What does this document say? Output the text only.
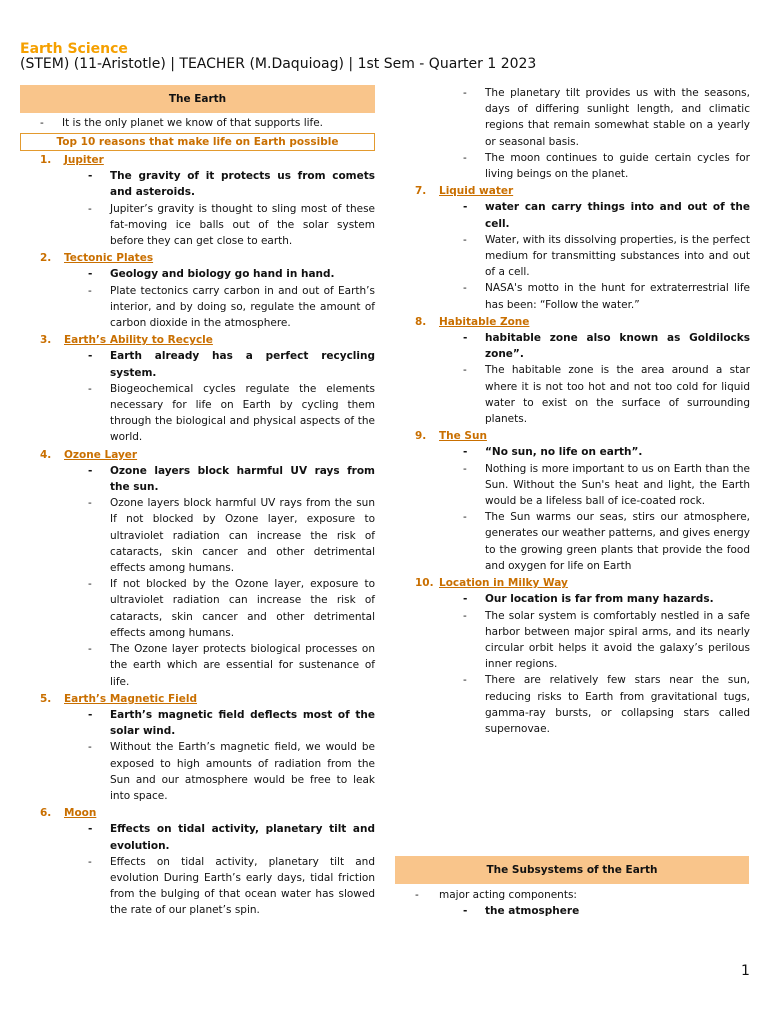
Earth Science
(STEM) (11-Aristotle) | TEACHER (M.Daquioag) | 1st Sem - Quarter 1 2023
The Earth
- It is the only planet we know of that supports life.
Top 10 reasons that make life on Earth possible
1. Jupiter
- The gravity of it protects us from comets and asteroids.
- Jupiter’s gravity is thought to sling most of these fat-moving ice balls out of the solar system before they can get close to earth.
2. Tectonic Plates
- Geology and biology go hand in hand.
- Plate tectonics carry carbon in and out of Earth’s interior, and by doing so, regulate the amount of carbon dioxide in the atmosphere.
3. Earth’s Ability to Recycle
- Earth already has a perfect recycling system.
- Biogeochemical cycles regulate the elements necessary for life on Earth by cycling them through the biological and physical aspects of the world.
4. Ozone Layer
- Ozone layers block harmful UV rays from the sun.
- Ozone layers block harmful UV rays from the sun If not blocked by Ozone layer, exposure to ultraviolet radiation can increase the risk of cataracts, skin cancer and other detrimental effects among humans.
- If not blocked by the Ozone layer, exposure to ultraviolet radiation can increase the risk of cataracts, skin cancer and other detrimental effects among humans.
- The Ozone layer protects biological processes on the earth which are essential for sustenance of life.
5. Earth’s Magnetic Field
- Earth’s magnetic field deflects most of the solar wind.
- Without the Earth’s magnetic field, we would be exposed to high amounts of radiation from the Sun and our atmosphere would be free to leak into space.
6. Moon
- Effects on tidal activity, planetary tilt and evolution.
- Effects on tidal activity, planetary tilt and evolution During Earth’s early days, tidal friction from the bulging of that ocean water has slowed the rate of our planet’s spin.
- The planetary tilt provides us with the seasons, days of differing sunlight length, and climatic regions that remain somewhat stable on a yearly or seasonal basis.
- The moon continues to guide certain cycles for living beings on the planet.
7. Liquid water
- water can carry things into and out of the cell.
- Water, with its dissolving properties, is the perfect medium for transmitting substances into and out of a cell.
- NASA's motto in the hunt for extraterrestrial life has been: “Follow the water.”
8. Habitable Zone
- habitable zone also known as Goldilocks zone”.
- The habitable zone is the area around a star where it is not too hot and not too cold for liquid water to exist on the surface of surrounding planets.
9. The Sun
- “No sun, no life on earth”.
- Nothing is more important to us on Earth than the Sun. Without the Sun's heat and light, the Earth would be a lifeless ball of ice-coated rock.
- The Sun warms our seas, stirs our atmosphere, generates our weather patterns, and gives energy to the growing green plants that provide the food and oxygen for life on Earth
10. Location in Milky Way
- Our location is far from many hazards.
- The solar system is comfortably nestled in a safe harbor between major spiral arms, and its nearly circular orbit helps it avoid the galaxy’s perilous inner regions.
- There are relatively few stars near the sun, reducing risks to Earth from gravitational tugs, gamma-ray bursts, or collapsing stars called supernovae.
The Subsystems of the Earth
- major acting components:
- the atmosphere
1
